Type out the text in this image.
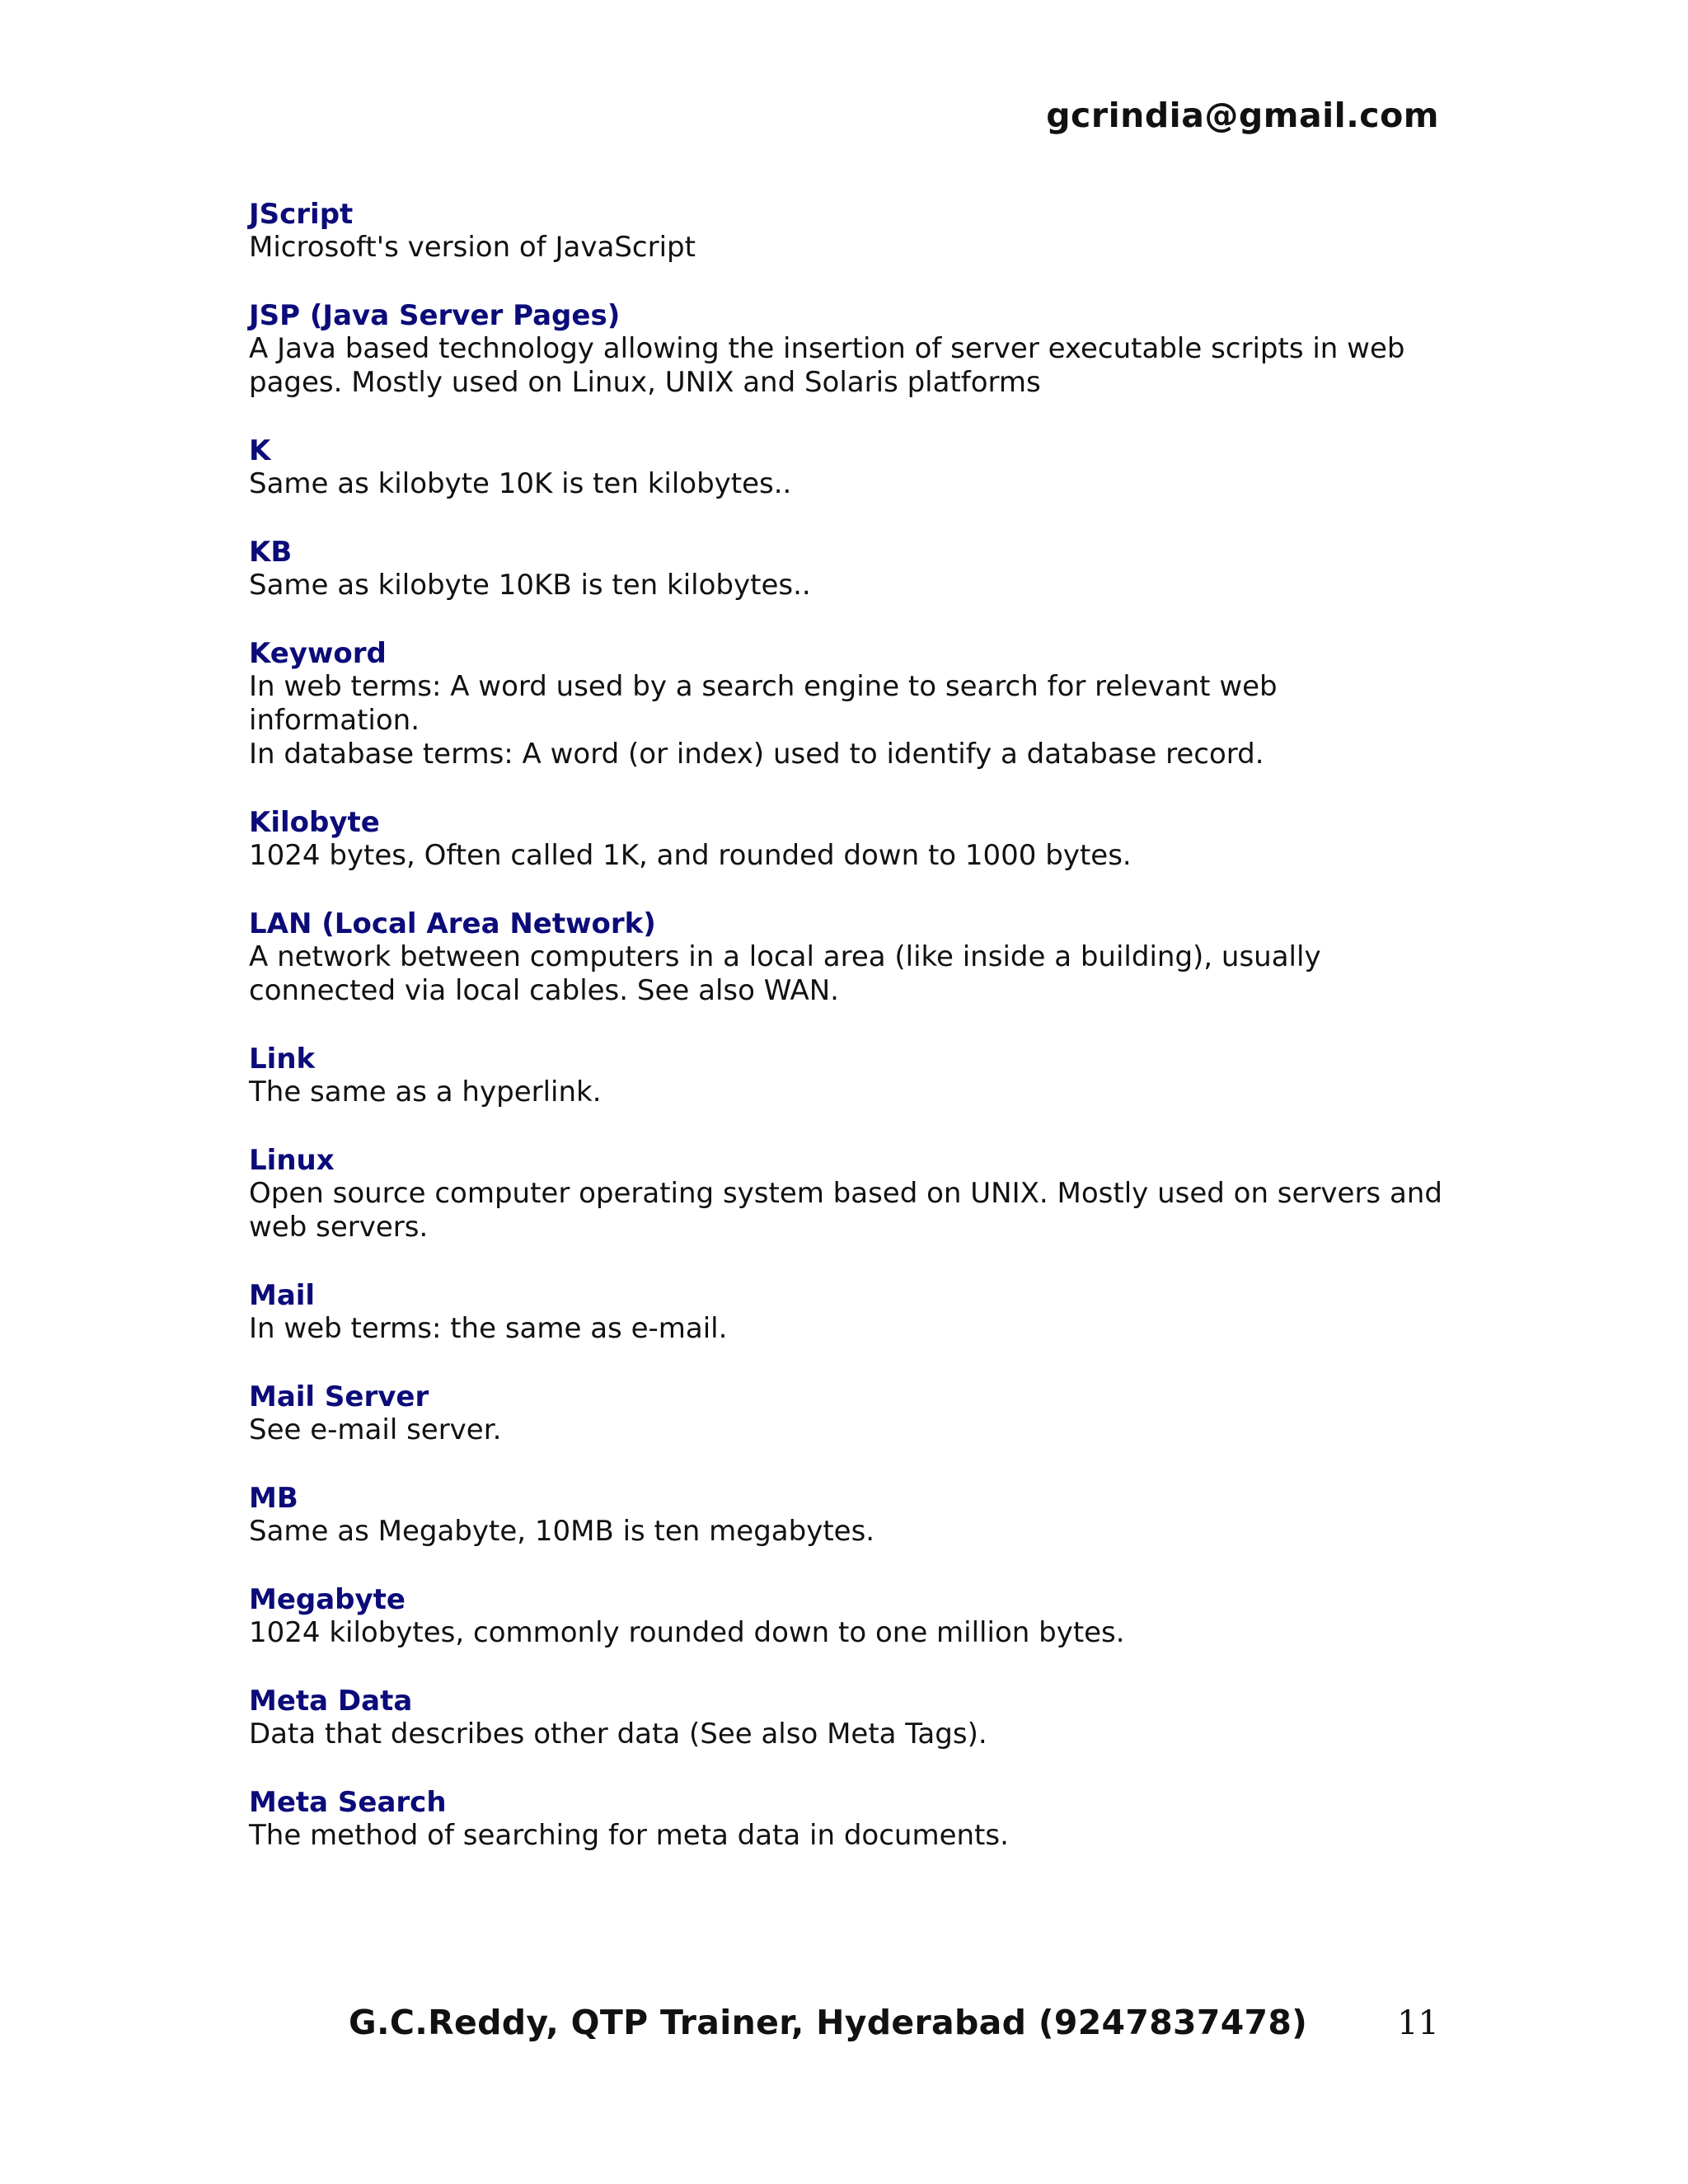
gcrindia@gmail.com
JScript
Microsoft's version of JavaScript
JSP (Java Server Pages)
A Java based technology allowing the insertion of server executable scripts in web
pages. Mostly used on Linux, UNIX and Solaris platforms
K
Same as kilobyte 10K is ten kilobytes..
KB
Same as kilobyte 10KB is ten kilobytes..
Keyword
In web terms: A word used by a search engine to search for relevant web
information.
In database terms: A word (or index) used to identify a database record.
Kilobyte
1024 bytes, Often called 1K, and rounded down to 1000 bytes.
LAN (Local Area Network)
A network between computers in a local area (like inside a building), usually
connected via local cables. See also WAN.
Link
The same as a hyperlink.
Linux
Open source computer operating system based on UNIX. Mostly used on servers and
web servers.
Mail
In web terms: the same as e-mail.
Mail Server
See e-mail server.
MB
Same as Megabyte, 10MB is ten megabytes.
Megabyte
1024 kilobytes, commonly rounded down to one million bytes.
Meta Data
Data that describes other data (See also Meta Tags).
Meta Search
The method of searching for meta data in documents.
G.C.Reddy, QTP Trainer, Hyderabad (9247837478)	11
